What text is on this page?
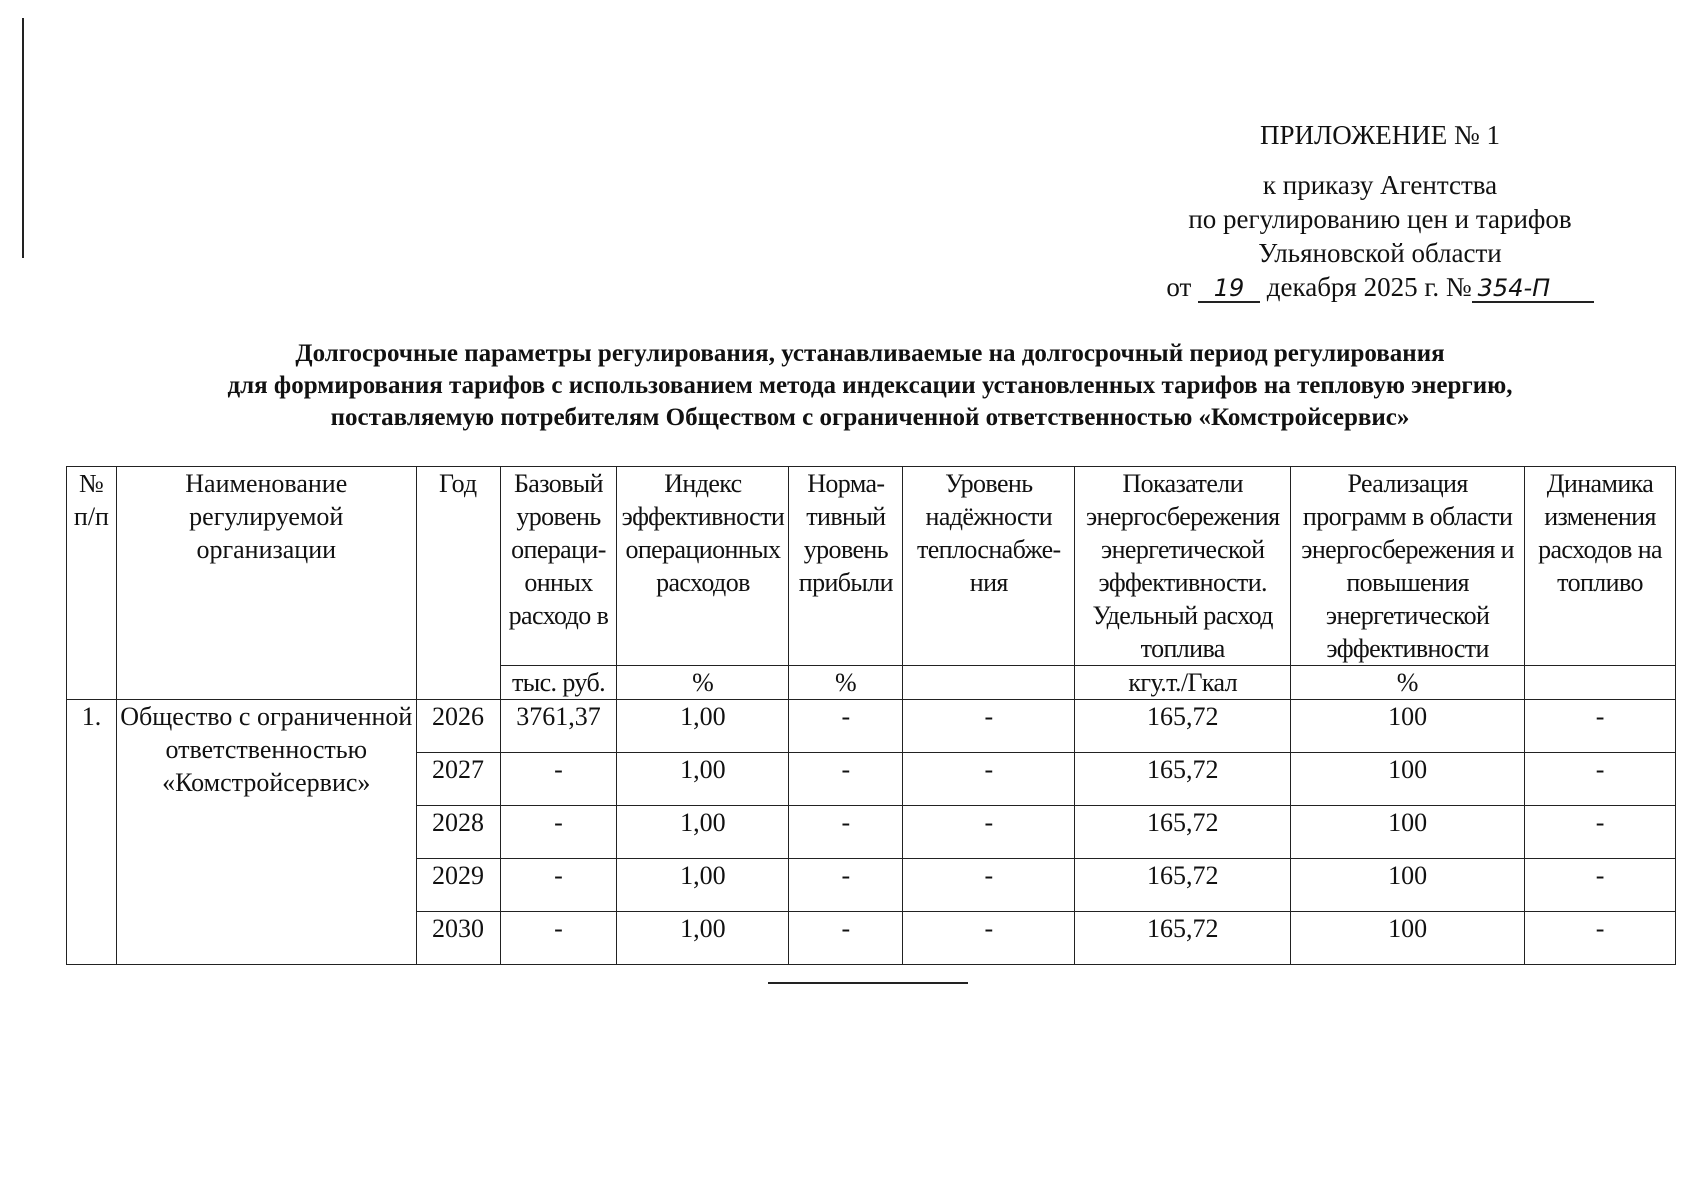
ПРИЛОЖЕНИЕ № 1
к приказу Агентства
по регулированию цен и тарифов
Ульяновской области
от 19 декабря 2025 г. № 354-П
Долгосрочные параметры регулирования, устанавливаемые на долгосрочный период регулирования
для формирования тарифов с использованием метода индексации установленных тарифов на тепловую энергию,
поставляемую потребителям Обществом с ограниченной ответственностью «Комстройсервис»
№ п/п	Наименование регулируемой организации	Год	Базовый уровень операци-онных расходо в	Индекс эффективности операционных расходов	Норма-тивный уровень прибыли	Уровень надёжности теплоснабже-ния	Показатели энергосбережения энергетической эффективности. Удельный расход топлива	Реализация программ в области энергосбережения и повышения энергетической эффективности	Динамика изменения расходов на топливо
			тыс. руб.	%	%		кгу.т./Гкал	%	
1.	Общество с ограниченной ответственностью «Комстройсервис»	2026	3761,37	1,00	-	-	165,72	100	-
		2027	-	1,00	-	-	165,72	100	-
		2028	-	1,00	-	-	165,72	100	-
		2029	-	1,00	-	-	165,72	100	-
		2030	-	1,00	-	-	165,72	100	-
